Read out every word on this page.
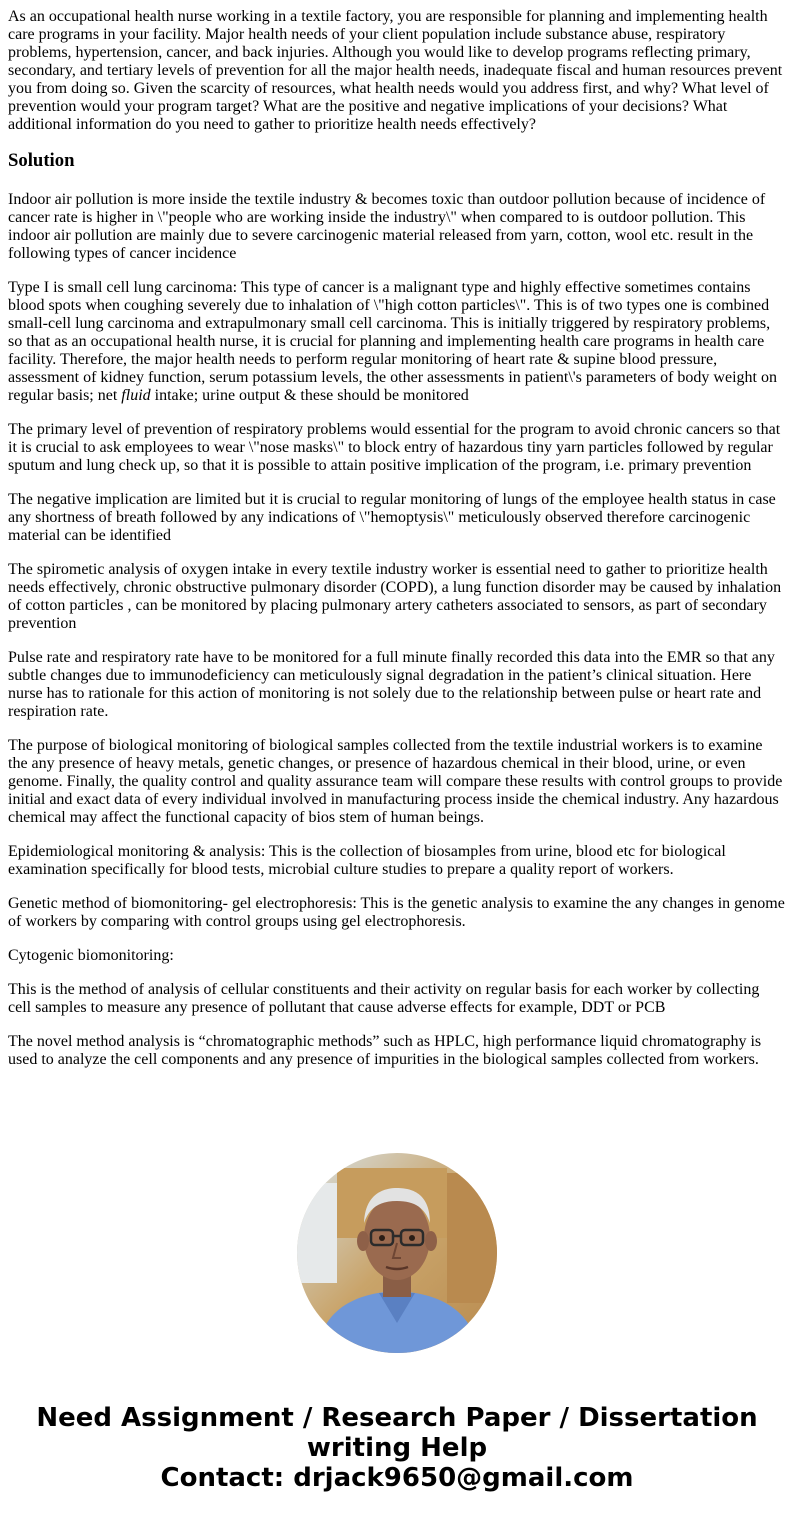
As an occupational health nurse working in a textile factory, you are responsible for planning and implementing health care programs in your facility. Major health needs of your client population include substance abuse, respiratory problems, hypertension, cancer, and back injuries. Although you would like to develop programs reflecting primary, secondary, and tertiary levels of prevention for all the major health needs, inadequate fiscal and human resources prevent you from doing so. Given the scarcity of resources, what health needs would you address first, and why? What level of prevention would your program target? What are the positive and negative implications of your decisions? What additional information do you need to gather to prioritize health needs effectively?

Solution

Indoor air pollution is more inside the textile industry & becomes toxic than outdoor pollution because of incidence of cancer rate is higher in \"people who are working inside the industry\" when compared to is outdoor pollution. This indoor air pollution are mainly due to severe carcinogenic material released from yarn, cotton, wool etc. result in the following types of cancer incidence

Type I is small cell lung carcinoma: This type of cancer is a malignant type and highly effective sometimes contains blood spots when coughing severely due to inhalation of \"high cotton particles\". This is of two types one is combined small-cell lung carcinoma and extrapulmonary small cell carcinoma. This is initially triggered by respiratory problems, so that as an occupational health nurse, it is crucial for planning and implementing health care programs in health care facility. Therefore, the major health needs to perform regular monitoring of heart rate & supine blood pressure, assessment of kidney function, serum potassium levels, the other assessments in patient\'s parameters of body weight on regular basis; net fluid intake; urine output & these should be monitored

The primary level of prevention of respiratory problems would essential for the program to avoid chronic cancers so that it is crucial to ask employees to wear \"nose masks\" to block entry of hazardous tiny yarn particles followed by regular sputum and lung check up, so that it is possible to attain positive implication of the program, i.e. primary prevention

The negative implication are limited but it is crucial to regular monitoring of lungs of the employee health status in case any shortness of breath followed by any indications of \"hemoptysis\" meticulously observed therefore carcinogenic material can be identified

The spirometic analysis of oxygen intake in every textile industry worker is essential need to gather to prioritize health needs effectively, chronic obstructive pulmonary disorder (COPD), a lung function disorder may be caused by inhalation of cotton particles , can be monitored by placing pulmonary artery catheters associated to sensors, as part of secondary prevention

Pulse rate and respiratory rate have to be monitored for a full minute finally recorded this data into the EMR so that any subtle changes due to immunodeficiency can meticulously signal degradation in the patient’s clinical situation. Here nurse has to rationale for this action of monitoring is not solely due to the relationship between pulse or heart rate and respiration rate.

The purpose of biological monitoring of biological samples collected from the textile industrial workers is to examine the any presence of heavy metals, genetic changes, or presence of hazardous chemical in their blood, urine, or even genome. Finally, the quality control and quality assurance team will compare these results with control groups to provide initial and exact data of every individual involved in manufacturing process inside the chemical industry. Any hazardous chemical may affect the functional capacity of bios stem of human beings.

Epidemiological monitoring & analysis: This is the collection of biosamples from urine, blood etc for biological examination specifically for blood tests, microbial culture studies to prepare a quality report of workers.

Genetic method of biomonitoring- gel electrophoresis: This is the genetic analysis to examine the any changes in genome of workers by comparing with control groups using gel electrophoresis.

Cytogenic biomonitoring:

This is the method of analysis of cellular constituents and their activity on regular basis for each worker by collecting cell samples to measure any presence of pollutant that cause adverse effects for example, DDT or PCB

The novel method analysis is “chromatographic methods” such as HPLC, high performance liquid chromatography is used to analyze the cell components and any presence of impurities in the biological samples collected from workers.

Need Assignment / Research Paper / Dissertation
writing Help
Contact: drjack9650@gmail.com
